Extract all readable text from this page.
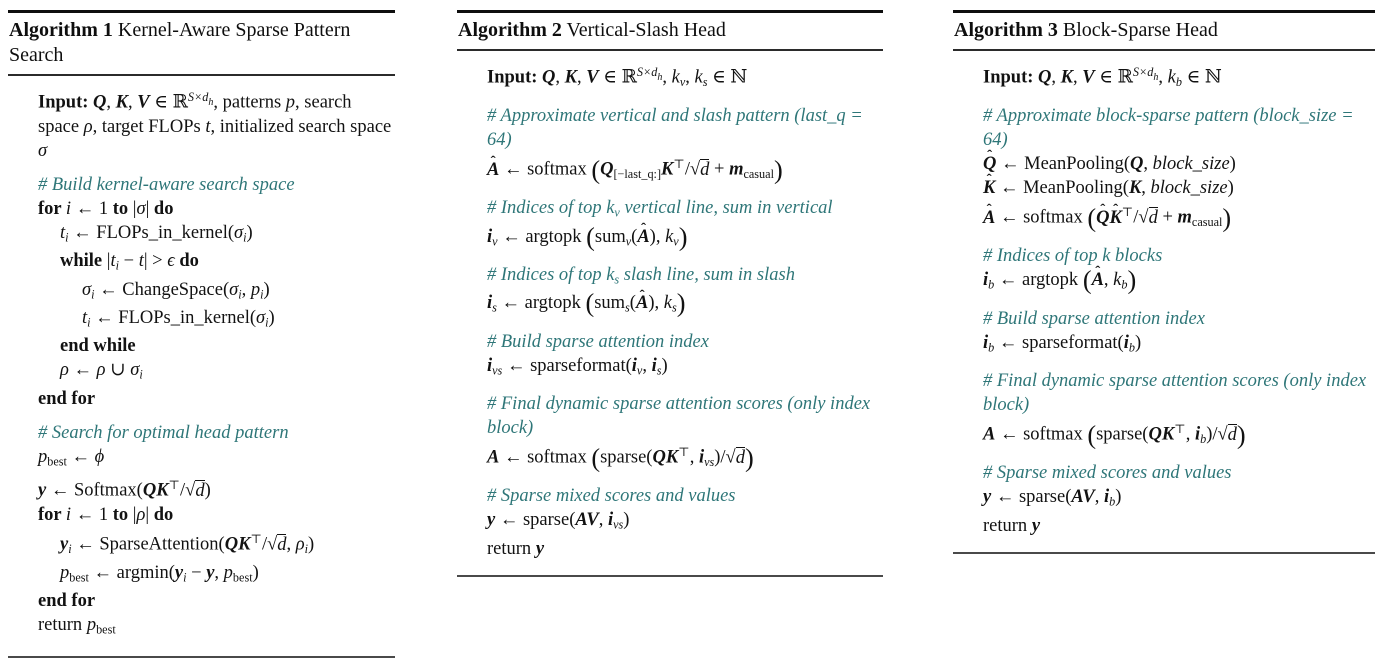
Algorithm 1 Kernel-Aware Sparse Pattern Search
Input: Q, K, V ∈ ℝ$^{S\times d_h}$, patterns p, search space ρ, target FLOPs t, initialized search space σ
# Build kernel-aware search space
for i ← 1 to |σ| do
$t_i$ ← $FLOPs\_in\_kernel(\sigma_i)$
while $|t_i - t| > \epsilon$ do
$\sigma_i$ ← $ChangeSpace(\sigma_i$, $p_i$)
$t_i$ ← $FLOPs\_in\_kernel(\sigma_i)$
end while
ρ ← ρ ∪ $\sigma_i$
end for
# Search for optimal head pattern
$p_{best}$ ← ϕ
y ← Softmax(QK⊤/√d)
for i ← 1 to |ρ| do
$y_i$ ← SparseAttention(QK⊤/√d, $\rho_i$)
$p_{best}$ ← $argmin(y_i - y$, $p_{best}$)
end for
return $p_{best}$
Algorithm 2 Vertical-Slash Head
Input: Q, K, V ∈ ℝ$^{S\times d_h}$, $k_v$, $k_s$ ∈ ℕ
# Approximate vertical and slash pattern (last_q = 64)
A ˆ ← softmax $(Q_{[-last\_q:]}K^⊤/√d + m_{casual})$
# Indices of top $k_v$ vertical line, sum in vertical
$i_v$ ← argtopk (sum$_v$(A ˆ), $k_v$)
# Indices of top $k_s$ slash line, sum in slash
$i_s$ ← argtopk (sum$_s$(A ˆ), $k_s$)
# Build sparse attention index
$i_{vs}$ ← $sparseformat(i_v$, $i_s$)
# Final dynamic sparse attention scores (only index block)
A ← softmax (sparse(QK⊤, $i_{vs})/√d$)
# Sparse mixed scores and values
y ← sparse(AV, $i_{vs}$)
return y
Algorithm 3 Block-Sparse Head
Input: Q, K, V ∈ ℝ$^{S\times d_h}$, $k_b$ ∈ ℕ
# Approximate block-sparse pattern (block_size = 64)
Q ˆ ← MeanPooling(Q, block_size)
K ˆ ← MeanPooling(K, block_size)
A ˆ ← softmax (Q ˆK ˆ⊤/√d + $m_{casual}$)
# Indices of top k blocks
$i_b$ ← argtopk (A ˆ, $k_b$)
# Build sparse attention index
$i_b$ ← $sparseformat(i_b)$
# Final dynamic sparse attention scores (only index block)
A ← softmax (sparse(QK⊤, $i_b)/√d$)
# Sparse mixed scores and values
y ← sparse(AV, $i_b$)
return y
